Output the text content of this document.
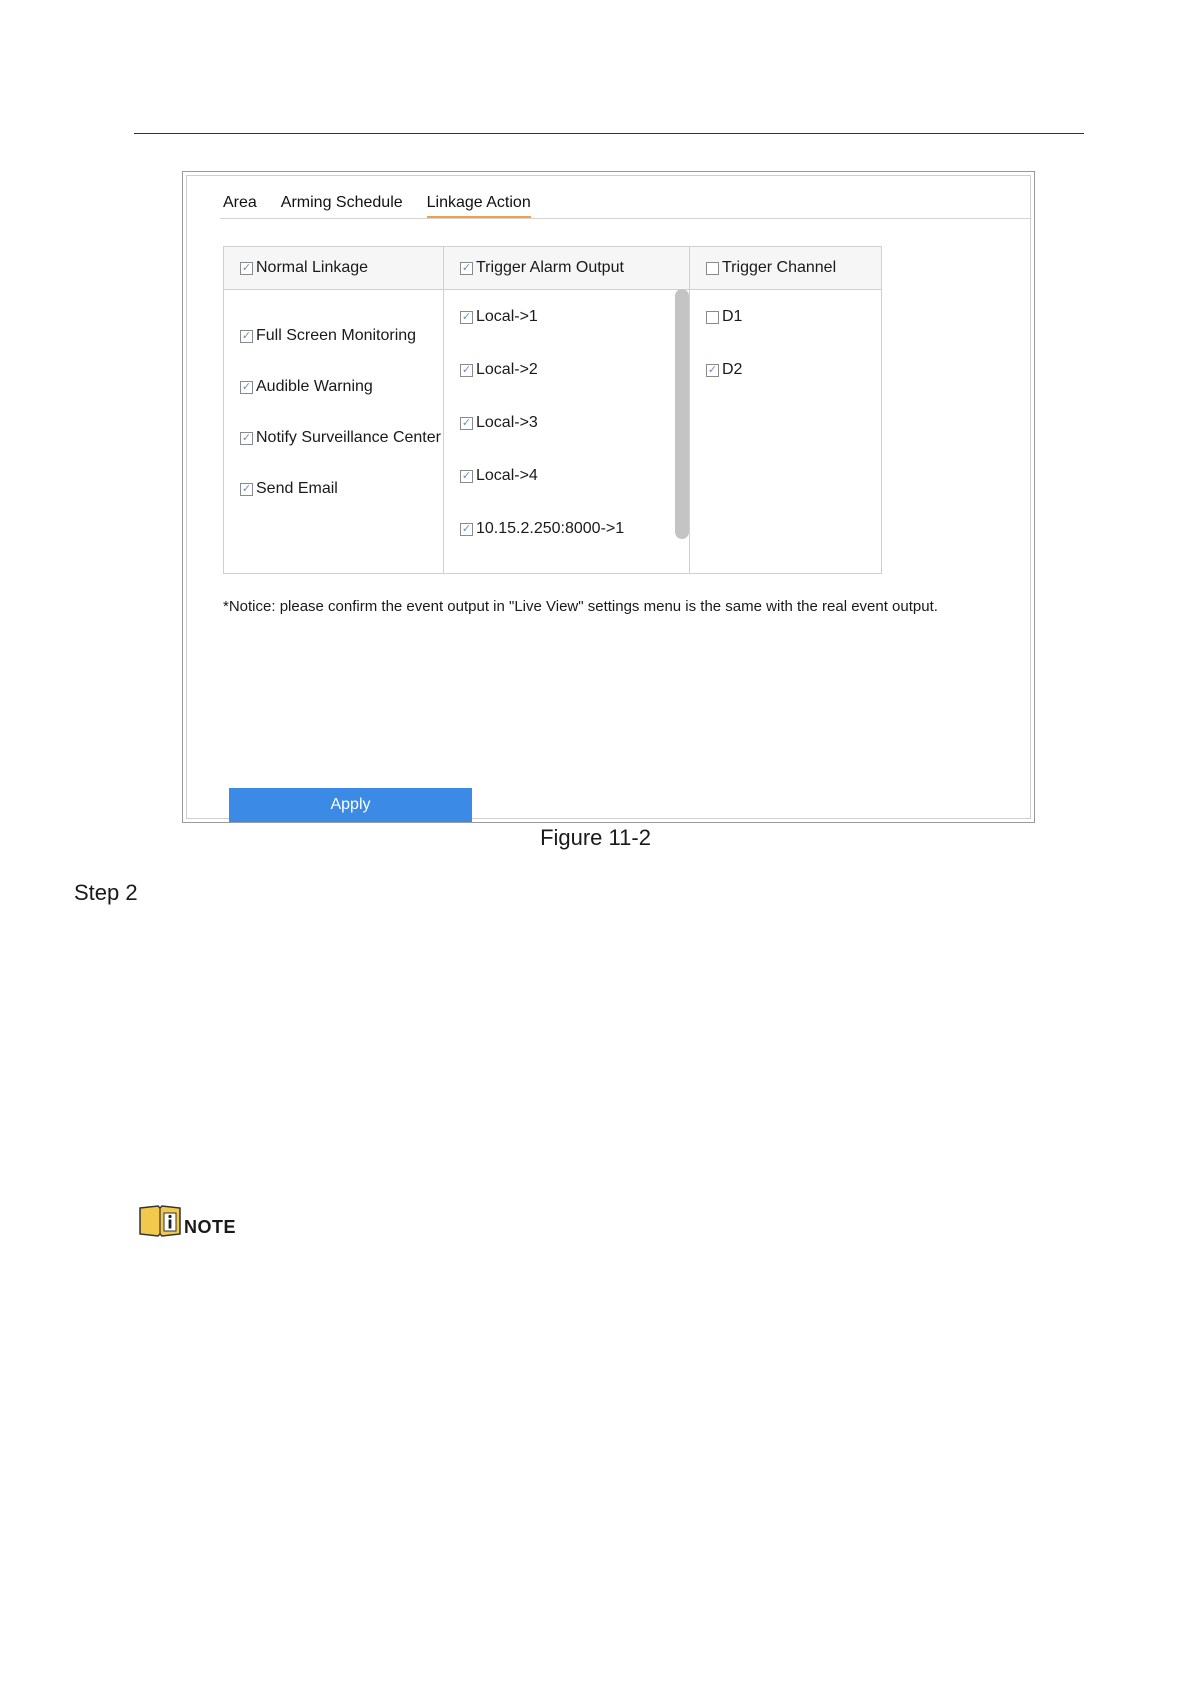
Area Arming Schedule Linkage Action
✓ Normal Linkage
✓ Full Screen Monitoring
✓ Audible Warning
✓ Notify Surveillance Center
✓ Send Email
✓ Trigger Alarm Output
✓ Local->1
✓ Local->2
✓ Local->3
✓ Local->4
✓ 10.15.2.250:8000->1
Trigger Channel
D1
✓ D2
*Notice: please confirm the event output in "Live View" settings menu is the same with the real event output.
Apply
Figure 11-2
Step 2
NOTE
